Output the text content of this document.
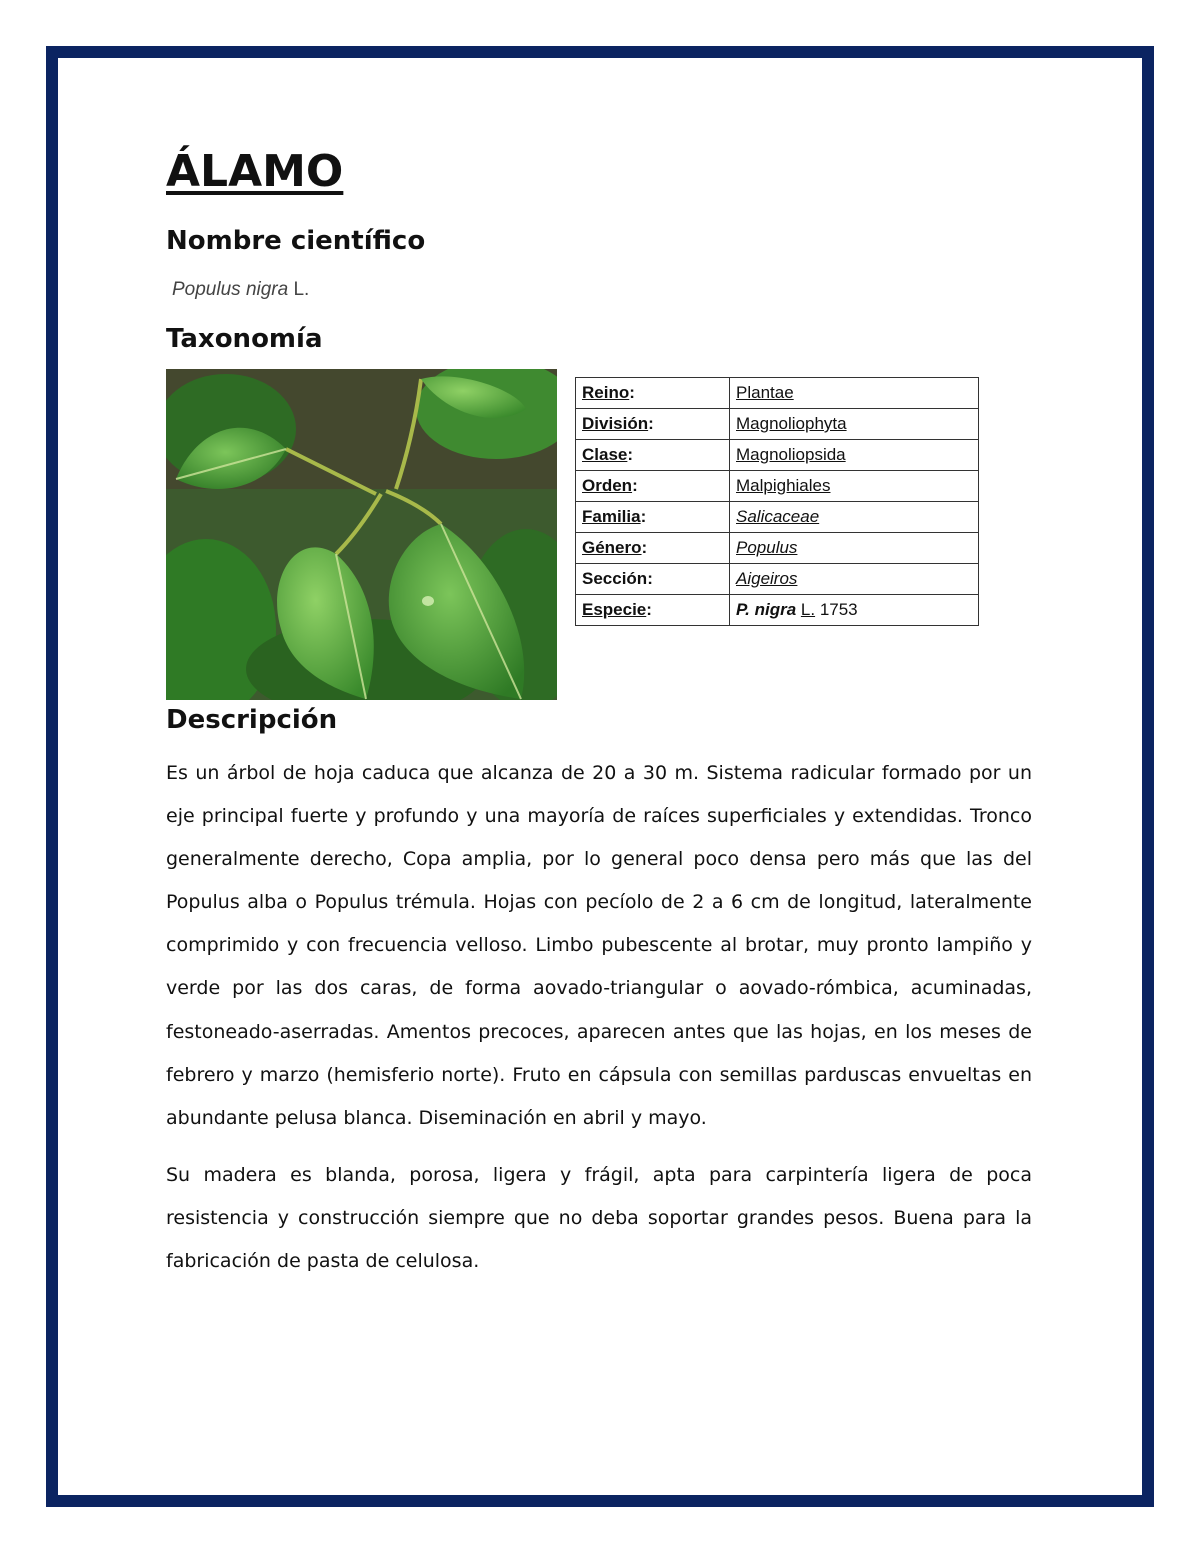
ÁLAMO
Nombre científico
Populus nigra L.
Taxonomía
Reino:	Plantae
División:	Magnoliophyta
Clase:	Magnoliopsida
Orden:	Malpighiales
Familia:	Salicaceae
Género:	Populus
Sección:	Aigeiros
Especie:	P. nigra L. 1753
Descripción

Es un árbol de hoja caduca que alcanza de 20 a 30 m. Sistema radicular formado por un eje principal fuerte y profundo y una mayoría de raíces superficiales y extendidas. Tronco generalmente derecho, Copa amplia, por lo general poco densa pero más que las del Populus alba o Populus trémula. Hojas con pecíolo de 2 a 6 cm de longitud, lateralmente comprimido y con frecuencia velloso. Limbo pubescente al brotar, muy pronto lampiño y verde por las dos caras, de forma aovado-triangular o aovado-rómbica, acuminadas, festoneado-aserradas. Amentos precoces, aparecen antes que las hojas, en los meses de febrero y marzo (hemisferio norte). Fruto en cápsula con semillas parduscas envueltas en abundante pelusa blanca. Diseminación en abril y mayo.

Su madera es blanda, porosa, ligera y frágil, apta para carpintería ligera de poca resistencia y construcción siempre que no deba soportar grandes pesos. Buena para la fabricación de pasta de celulosa.
